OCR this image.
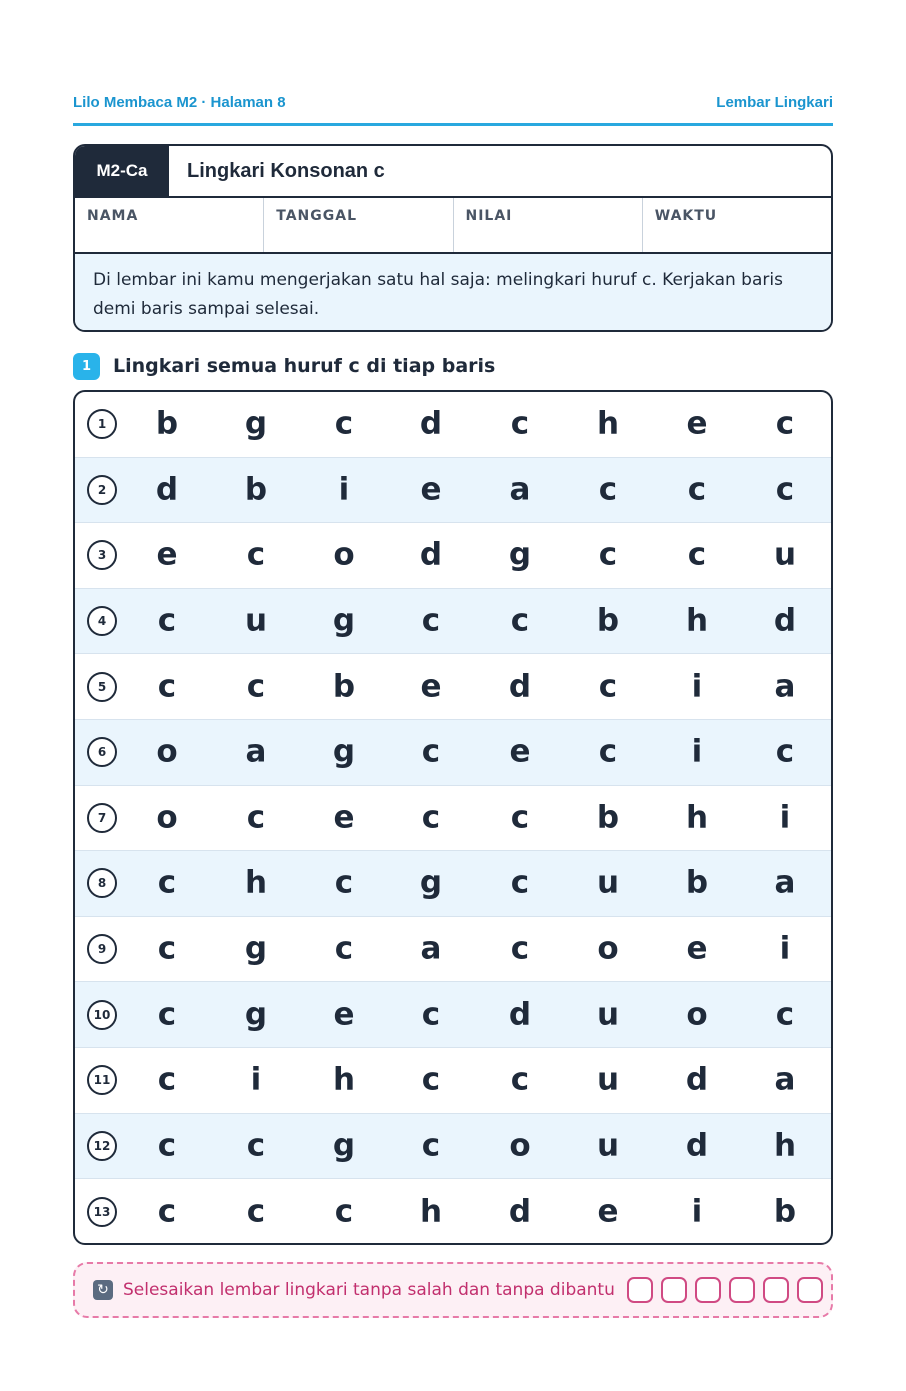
Lilo Membaca M2 · Halaman 8	Lembar Lingkari
M2-Ca	Lingkari Konsonan c
NAMA	TANGGAL	NILAI	WAKTU
Di lembar ini kamu mengerjakan satu hal saja: melingkari huruf c. Kerjakan baris demi baris sampai selesai.
1	Lingkari semua huruf c di tiap baris
1	b g c d c h e c
2	d b i e a c c c
3	e c o d g c c u
4	c u g c c b h d
5	c c b e d c i a
6	o a g c e c i c
7	o c e c c b h i
8	c h c g c u b a
9	c g c a c o e i
10 c g e c d u o c
11 c i h c c u d a
12 c c g c o u d h
13 c c c h d e i b
↻ Selesaikan lembar lingkari tanpa salah dan tanpa dibantu
